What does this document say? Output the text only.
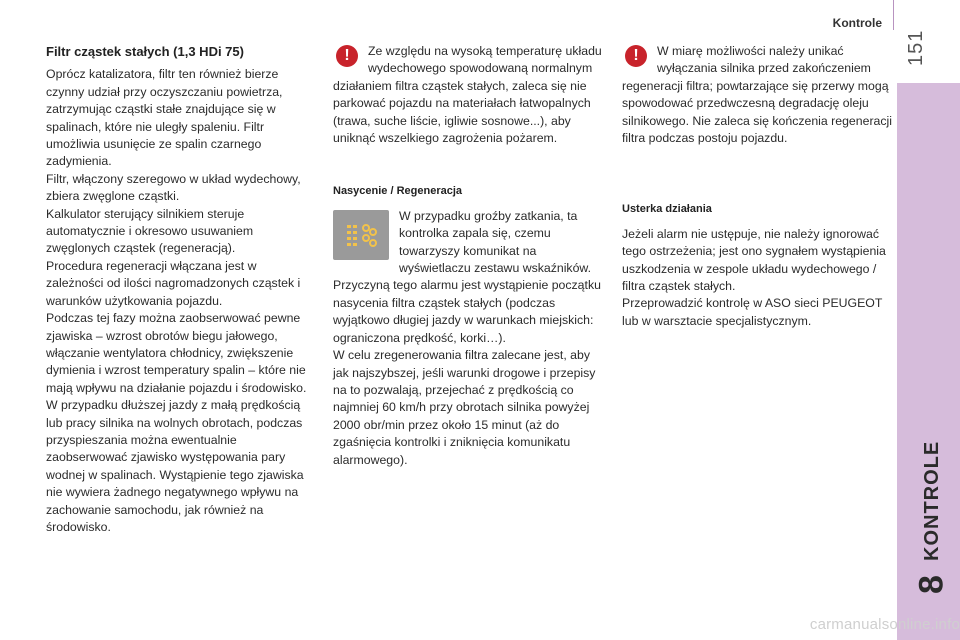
Kontrole
151
KONTROLE
8
Filtr cząstek stałych (1,3 HDi 75)

Oprócz katalizatora, filtr ten również bierze czynny udział przy oczyszczaniu powietrza, zatrzymując cząstki stałe znajdujące się w spalinach, które nie uległy spaleniu. Filtr umożliwia usunięcie ze spalin czarnego zadymienia.

Filtr, włączony szeregowo w układ wydechowy, zbiera zwęglone cząstki.

Kalkulator sterujący silnikiem steruje automatycznie i okresowo usuwaniem zwęglonych cząstek (regeneracją).

Procedura regeneracji włączana jest w zależności od ilości nagromadzonych cząstek i warunków użytkowania pojazdu.

Podczas tej fazy można zaobserwować pewne zjawiska – wzrost obrotów biegu jałowego, włączanie wentylatora chłodnicy, zwiększenie dymienia i wzrost temperatury spalin – które nie mają wpływu na działanie pojazdu i środowisko.

W przypadku dłuższej jazdy z małą prędkością lub pracy silnika na wolnych obrotach, podczas przyspieszania można ewentualnie zaobserwować zjawisko występowania pary wodnej w spalinach. Wystąpienie tego zjawiska nie wywiera żadnego negatywnego wpływu na zachowanie samochodu, jak również na środowisko.

!	Ze względu na wysoką temperaturę układu wydechowego spowodowaną normalnym działaniem filtra cząstek stałych, zaleca się nie parkować pojazdu na materiałach łatwopalnych (trawa, suche liście, igliwie sosnowe...), aby uniknąć wszelkiego zagrożenia pożarem.

Nasycenie / Regeneracja

W przypadku groźby zatkania, ta kontrolka zapala się, czemu towarzyszy komunikat na wyświetlaczu zestawu wskaźników.

Przyczyną tego alarmu jest wystąpienie początku nasycenia filtra cząstek stałych (podczas wyjątkowo długiej jazdy w warunkach miejskich: ograniczona prędkość, korki…).

W celu zregenerowania filtra zalecane jest, aby jak najszybszej, jeśli warunki drogowe i przepisy na to pozwalają, przejechać z prędkością co najmniej 60 km/h przy obrotach silnika powyżej 2000 obr/min przez około 15 minut (aż do zgaśnięcia kontrolki i zniknięcia komunikatu alarmowego).

!	W miarę możliwości należy unikać wyłączania silnika przed zakończeniem regeneracji filtra; powtarzające się przerwy mogą spowodować przedwczesną degradację oleju silnikowego. Nie zaleca się kończenia regeneracji filtra podczas postoju pojazdu.

Usterka działania

Jeżeli alarm nie ustępuje, nie należy ignorować tego ostrzeżenia; jest ono sygnałem wystąpienia uszkodzenia w zespole układu wydechowego / filtra cząstek stałych.

Przeprowadzić kontrolę w ASO sieci PEUGEOT lub w warsztacie specjalistycznym.

carmanualsonline.info
